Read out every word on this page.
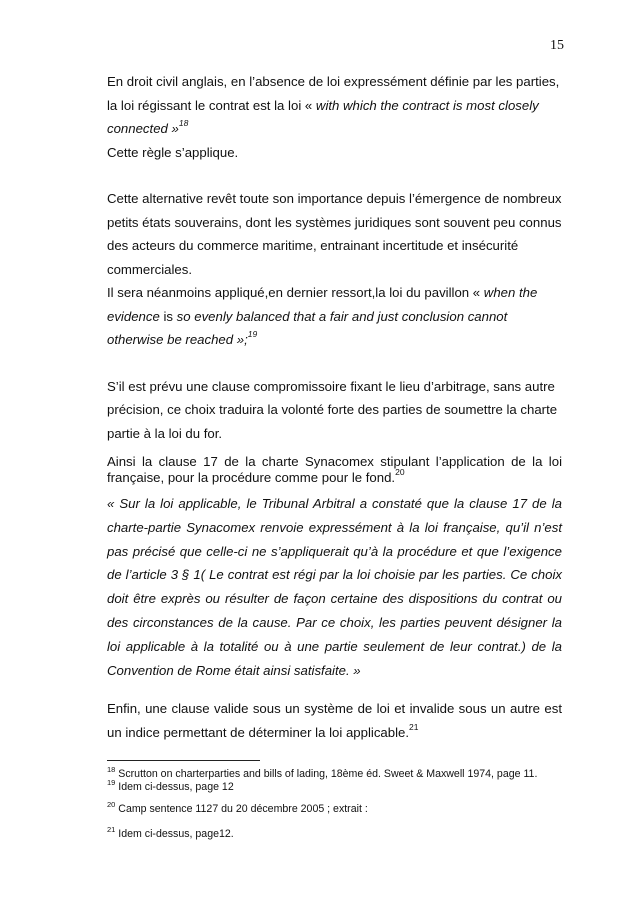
15

En droit civil anglais, en l’absence de loi expressément définie par les parties, la loi régissant le contrat est la loi « with which the contract is most closely connected »$^{18}$

Cette règle s’applique.

Cette alternative revêt toute son importance depuis l’émergence de nombreux petits états souverains, dont les systèmes juridiques sont souvent peu connus des acteurs du commerce maritime, entrainant incertitude et insécurité commerciales.

Il sera néanmoins appliqué,en dernier ressort,la loi du pavillon « when the evidence is so evenly balanced that a fair and just conclusion cannot otherwise be reached »;$^{19}$

S’il est prévu une clause compromissoire fixant le lieu d’arbitrage, sans autre précision, ce choix traduira la volonté forte des parties de soumettre la charte partie à la loi du for.

Ainsi la clause 17 de la charte Synacomex stipulant l’application de la loi française, pour la procédure comme pour le fond.$^{20}$

« Sur la loi applicable, le Tribunal Arbitral a constaté que la clause 17 de la charte-partie Synacomex renvoie expressément à la loi française, qu’il n’est pas précisé que celle-ci ne s’appliquerait qu’à la procédure et que l’exigence de l’article 3 § 1( Le contrat est régi par la loi choisie par les parties. Ce choix doit être exprès ou résulter de façon certaine des dispositions du contrat ou des circonstances de la cause. Par ce choix, les parties peuvent désigner la loi applicable à la totalité ou à une partie seulement de leur contrat.) de la Convention de Rome était ainsi satisfaite. »

Enfin, une clause valide sous un système de loi et invalide sous un autre est un indice permettant de déterminer la loi applicable.$^{21}$

$^{18}$ Scrutton on charterparties and bills of lading, 18ème éd. Sweet & Maxwell 1974, page 11.
$^{19}$ Idem ci-dessus, page 12
$^{20}$ Camp sentence 1127 du 20 décembre 2005 ; extrait :
$^{21}$ Idem ci-dessus, page12.
